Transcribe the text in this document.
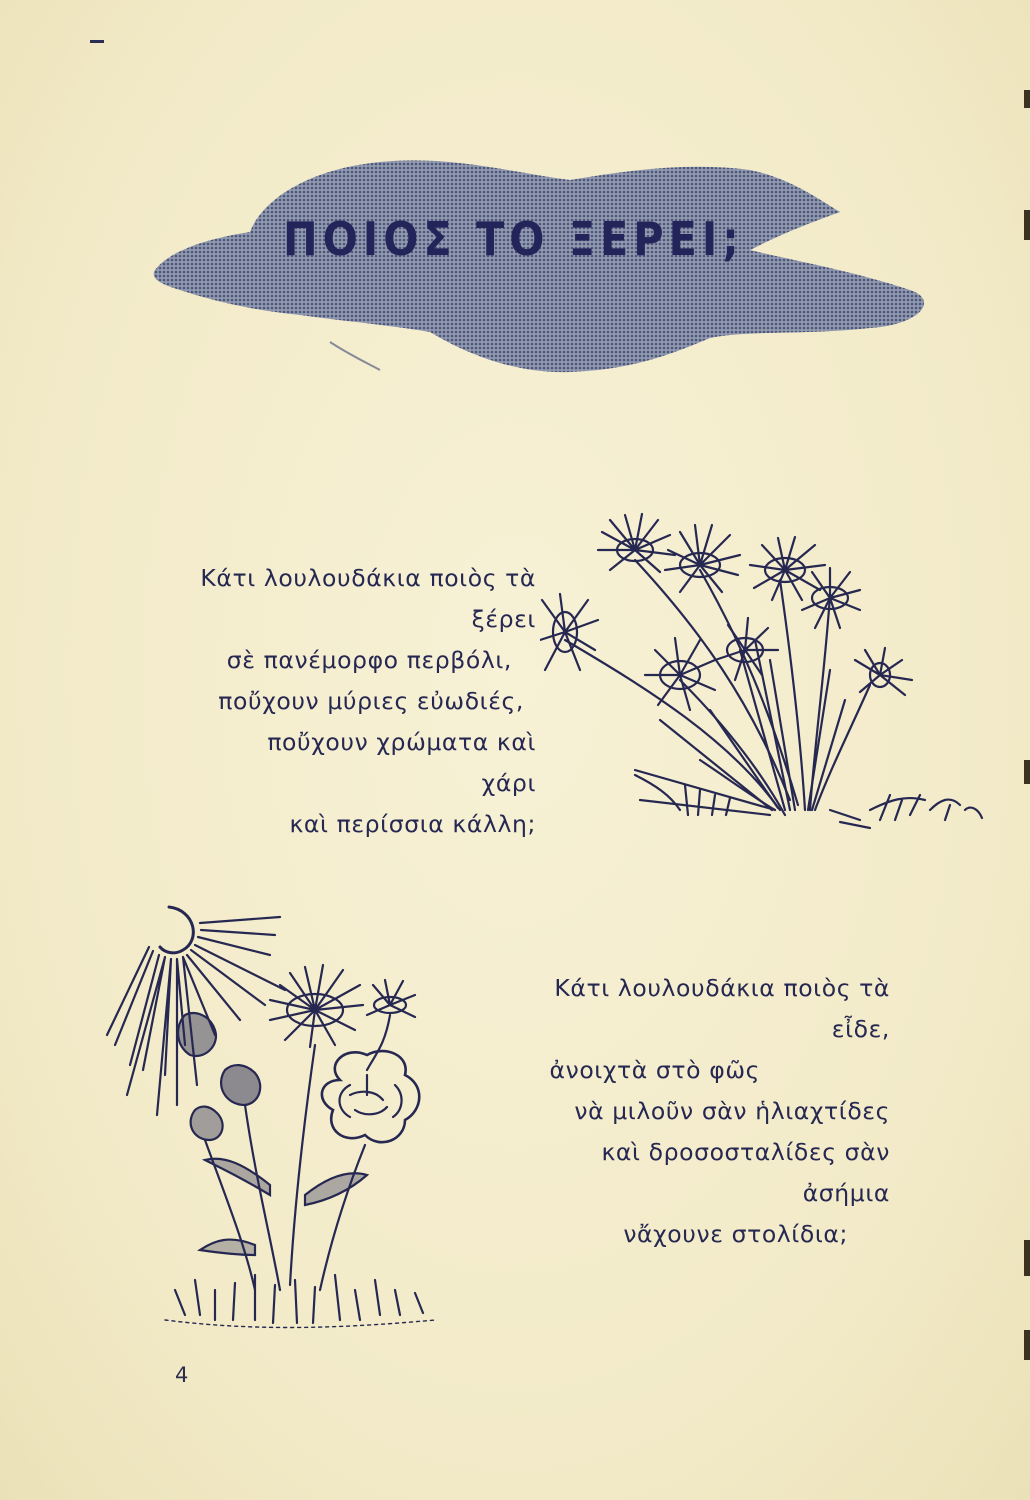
ΠΟΙΟΣ ΤΟ ΞΕΡΕΙ;
Κάτι λουλουδάκια ποιὸς τὰ
ξέρει
σὲ πανέμορφο περβόλι,
ποὔχουν μύριες εὐωδιές,
ποὔχουν χρώματα καὶ
χάρι
καὶ περίσσια κάλλη;
Κάτι λουλουδάκια ποιὸς τὰ
εἶδε,
ἀνοιχτὰ στὸ φῶς
νὰ μιλοῦν σὰν ἡλιαχτίδες
καὶ δροσοσταλίδες σὰν
ἀσήμια
νἄχουνε στολίδια;
4
